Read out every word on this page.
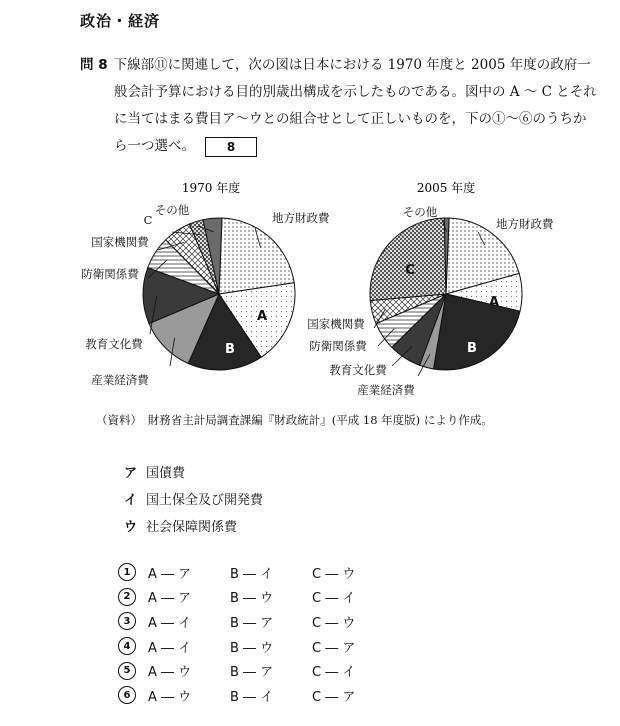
政治・経済
問 8 下線部⑪に関連して，次の図は日本における 1970 年度と 2005 年度の政府一
般会計予算における目的別歳出構成を示したものである。図中の A ～ C とそれ
に当てはまる費目ア～ウとの組合せとして正しいものを，下の①～⑥のうちか
ら一つ選べ。	8
1970 年度
地方財政費
A
B
産業経済費
教育文化費
防衛関係費
国家機関費
C
その他
2005 年度
地方財政費
A
B
産業経済費
教育文化費
防衛関係費
国家機関費
C
その他
（資料）　財務省主計局調査課編『財政統計』(平成 18 年度版) により作成。
ア 国債費
イ 国土保全及び開発費
ウ 社会保障関係費
1	A ― ア	B ― イ	C ― ウ
2	A ― ア	B ― ウ	C ― イ
3	A ― イ	B ― ア	C ― ウ
4	A ― イ	B ― ウ	C ― ア
5	A ― ウ	B ― ア	C ― イ
6	A ― ウ	B ― イ	C ― ア
